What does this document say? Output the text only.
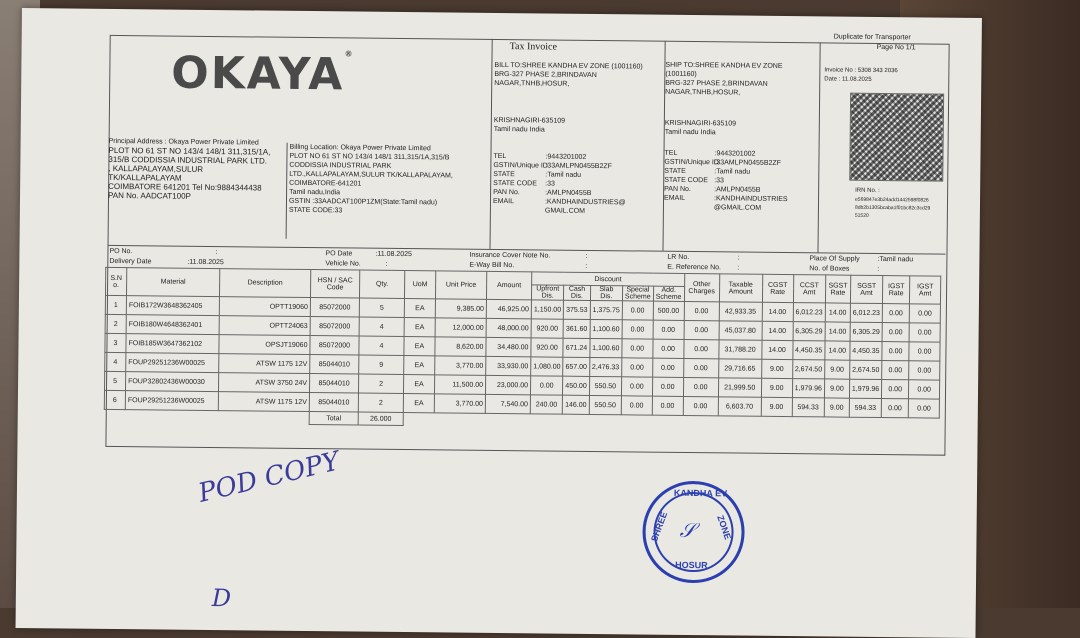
Duplicate for Transporter
Page No 1/1
Tax Invoice
OKAYA®
Principal Address : Okaya Power Private Limited
PLOT NO 61 ST NO 143/4 148/1 311,315/1A,
315/B CODDISSIA INDUSTRIAL PARK LTD.
, KALLAPALAYAM,SULUR
TK/KALLAPALAYAM
COIMBATORE 641201 Tel No:9884344438
PAN No. AADCAT100P
Billing Location: Okaya Power Private Limited
PLOT NO 61 ST NO 143/4 148/1 311,315/1A,315/B
CODDISSIA INDUSTRIAL PARK
LTD.,KALLAPALAYAM,SULUR TK/KALLAPALAYAM,
COIMBATORE-641201
Tamil nadu,India
GSTIN :33AADCAT100P1ZM(State:Tamil nadu)
STATE CODE:33
BILL TO:SHREE KANDHA EV ZONE (1001160)
BRG-327 PHASE 2,BRINDAVAN
NAGAR,TNHB,HOSUR,
KRISHNAGIRI-635109
Tamil nadu India
TEL	:9443201002
GSTIN/Unique ID:33AMLPN0455B2ZF
STATE	:Tamil nadu
STATE CODE :33
PAN No.	:AMLPN0455B
EMAIL	:KANDHAINDUSTRIES@
GMAIL.COM
SHIP TO:SHREE KANDHA EV ZONE
(1001160)
BRG-327 PHASE 2,BRINDAVAN
NAGAR,TNHB,HOSUR,
KRISHNAGIRI-635109
Tamil nadu India
TEL	:9443201002
GSTIN/Unique ID:33AMLPN0455B2ZF
STATE	:Tamil nadu
STATE CODE :33
PAN No.	:AMLPN0455B
EMAIL	:KANDHAINDUSTRIES
@GMAIL.COM
Invoice No : 5308 343 2036
Date : 11.08.2025
IRN No. :
e569847e3b24add1442598f0826
8db2b1305bcaba1f01bc82c3cd29
51520
PO No.	:	PO Date	:11.08.2025	Insurance Cover Note No.	:	LR No.	:	Place Of Supply	:Tamil nadu
Delivery Date	:11.08.2025	Vehicle No.	:	E-Way Bill No.	:	E. Reference No. :	No. of Boxes	:
S.N o.	Material	Description	HSN / SAC Code	Qty.	UoM	Unit Price	Amount	Discount					Other Charges	Taxable Amount	CGST Rate	CCST Amt	SGST Rate	SGST Amt	IGST Rate	IGST Amt
								Upfront Dis.	Cash Dis.	Slab Dis.	Special Scheme	Add. Scheme								
1	FOIB172W3648362405	OPTT19060	85072000	5	EA	9,385.00	46,925.00	1,150.00	375.53	1,375.75	0.00	500.00	0.00	42,933.35	14.00	6,012.23	14.00	6,012.23	0.00	0.00
2	FOIB180W4648362401	OPTT24063	85072000	4	EA	12,000.00	48,000.00	920.00	361.60	1,100.60	0.00	0.00	0.00	45,037.80	14.00	6,305.29	14.00	6,305.29	0.00	0.00
3	FOIB185W3647362102	OPSJT19060	85072000	4	EA	8,620.00	34,480.00	920.00	671.24	1,100.60	0.00	0.00	0.00	31,788.20	14.00	4,450.35	14.00	4,450.35	0.00	0.00
4	FOUP29251236W00025	ATSW 1175 12V	85044010	9	EA	3,770.00	33,930.00	1,080.00	657.00	2,476.33	0.00	0.00	0.00	29,716.65	9.00	2,674.50	9.00	2,674.50	0.00	0.00
5	FOUP32802436W00030	ATSW 3750 24V	85044010	2	EA	11,500.00	23,000.00	0.00	450.00	550.50	0.00	0.00	0.00	21,999.50	9.00	1,979.96	9.00	1,979.96	0.00	0.00
6	FOUP29251236W00025	ATSW 1175 12V	85044010	2	EA	3,770.00	7,540.00	240.00	146.00	550.50	0.00	0.00	0.00	6,603.70	9.00	594.33	9.00	594.33	0.00	0.00
			Total	26.000																
POD COPY
D
KANDHA EV
SHREE	ZONE
HOSUR
𝒮
